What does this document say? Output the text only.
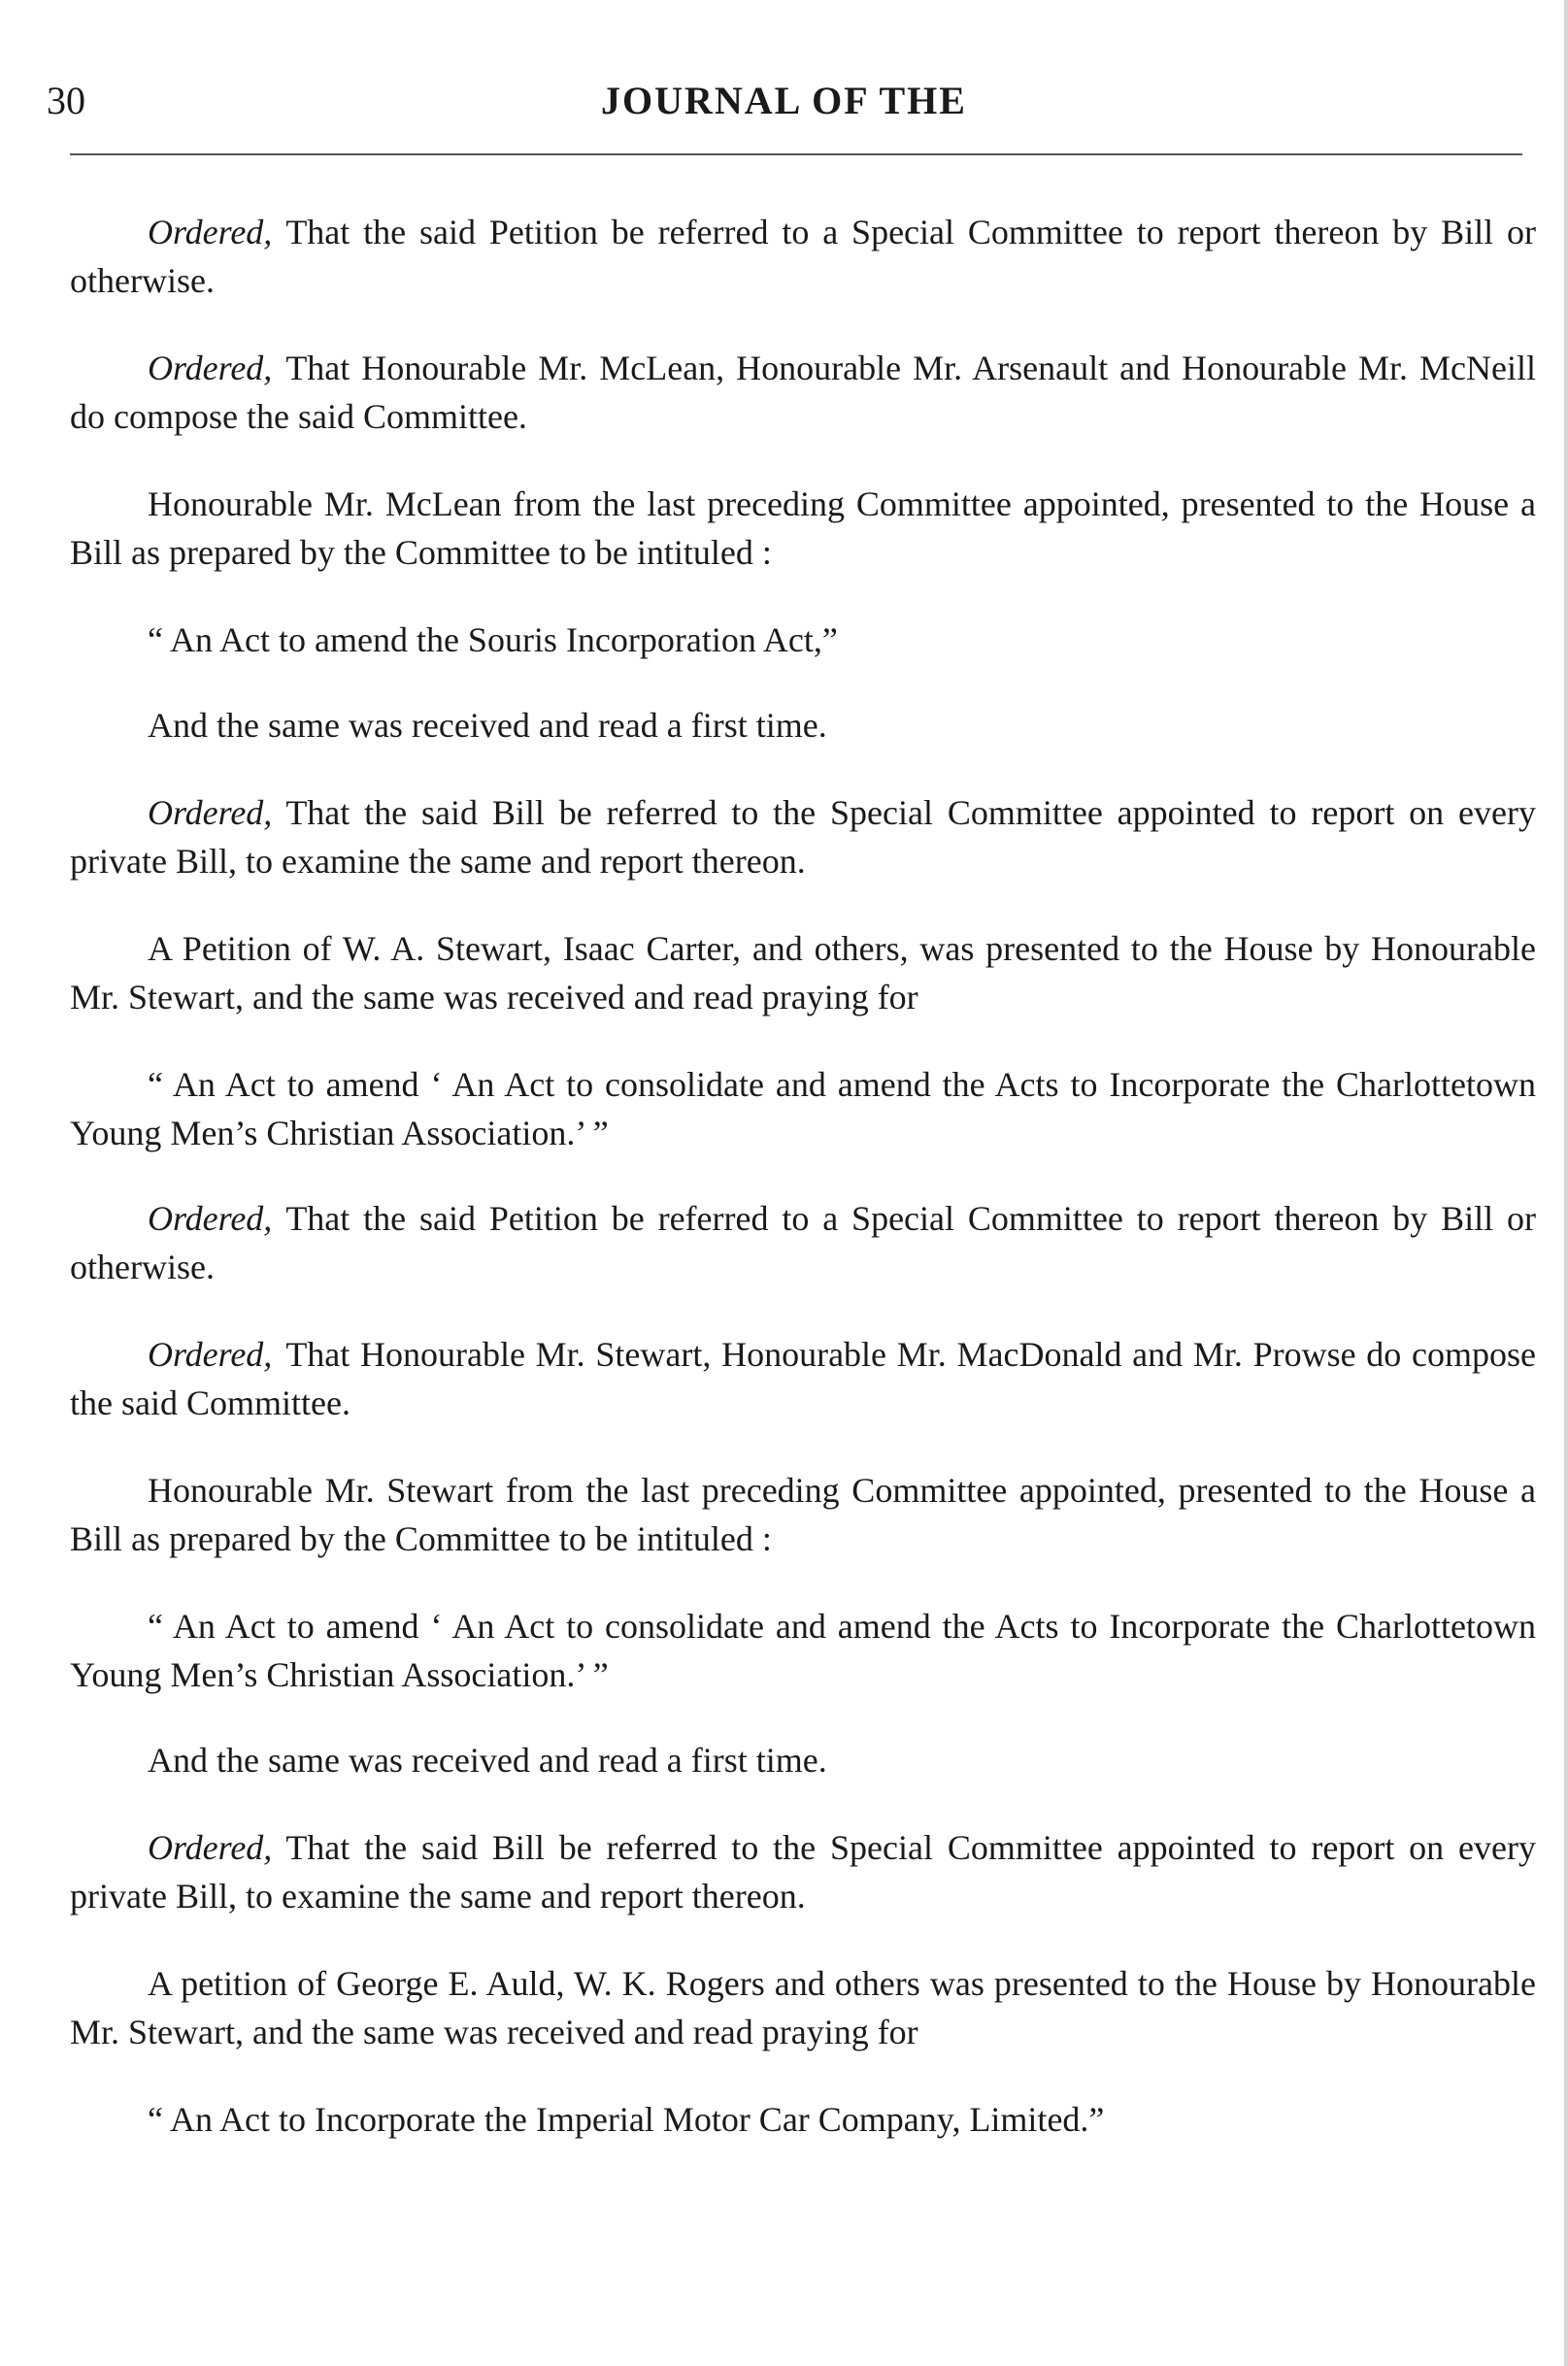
30	JOURNAL OF THE

Ordered, That the said Petition be referred to a Special Committee to report thereon by Bill or otherwise.

Ordered, That Honourable Mr. McLean, Honourable Mr. Arsenault and Honourable Mr. McNeill do compose the said Committee.

Honourable Mr. McLean from the last preceding Committee appointed, presented to the House a Bill as prepared by the Committee to be intituled :

“ An Act to amend the Souris Incorporation Act,”

And the same was received and read a first time.

Ordered, That the said Bill be referred to the Special Committee appointed to report on every private Bill, to examine the same and report thereon.

A Petition of W. A. Stewart, Isaac Carter, and others, was presented to the House by Honourable Mr. Stewart, and the same was received and read praying for

“ An Act to amend ‘ An Act to consolidate and amend the Acts to Incorporate the Charlottetown Young Men’s Christian Association.’ ”

Ordered, That the said Petition be referred to a Special Committee to report thereon by Bill or otherwise.

Ordered, That Honourable Mr. Stewart, Honourable Mr. MacDonald and Mr. Prowse do compose the said Committee.

Honourable Mr. Stewart from the last preceding Committee appointed, presented to the House a Bill as prepared by the Committee to be intituled :

“ An Act to amend ‘ An Act to consolidate and amend the Acts to Incorporate the Charlottetown Young Men’s Christian Association.’ ”

And the same was received and read a first time.

Ordered, That the said Bill be referred to the Special Committee appointed to report on every private Bill, to examine the same and report thereon.

A petition of George E. Auld, W. K. Rogers and others was presented to the House by Honourable Mr. Stewart, and the same was received and read praying for

“ An Act to Incorporate the Imperial Motor Car Company, Limited.”
